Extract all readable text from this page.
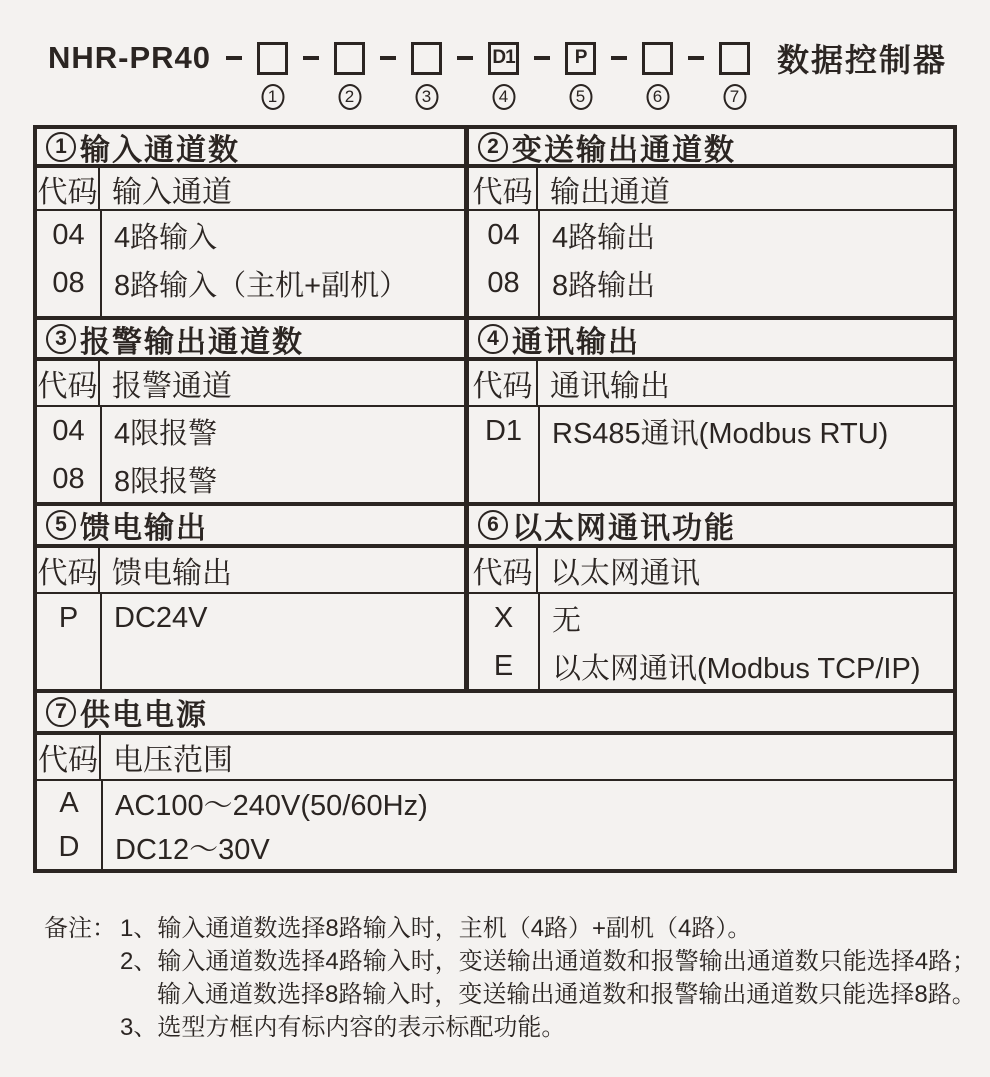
NHR-PR40
1	2	3
D1
4
P
5	6	7
数据控制器
1 输入通道数
代码 输入通道
04	4路输入
08	8路输入（主机+副机）
2 变送输出通道数
代码 输出通道
04	4路输出
08	8路输出
3 报警输出通道数
代码 报警通道
04	4限报警
08	8限报警
4 通讯输出
代码 通讯输出
D1	RS485通讯(Modbus RTU)
5 馈电输出
代码 馈电输出
P	DC24V
6 以太网通讯功能
代码 以太网通讯
X	无
E	以太网通讯(Modbus TCP/IP)
7 供电电源
代码 电压范围
A	AC100～240V(50/60Hz)
D	DC12～30V
备注： 1、输入通道数选择8路输入时，主机（4路）+副机（4路）。
2、输入通道数选择4路输入时，变送输出通道数和报警输出通道数只能选择4路；
输入通道数选择8路输入时，变送输出通道数和报警输出通道数只能选择8路。
3、选型方框内有标内容的表示标配功能。
